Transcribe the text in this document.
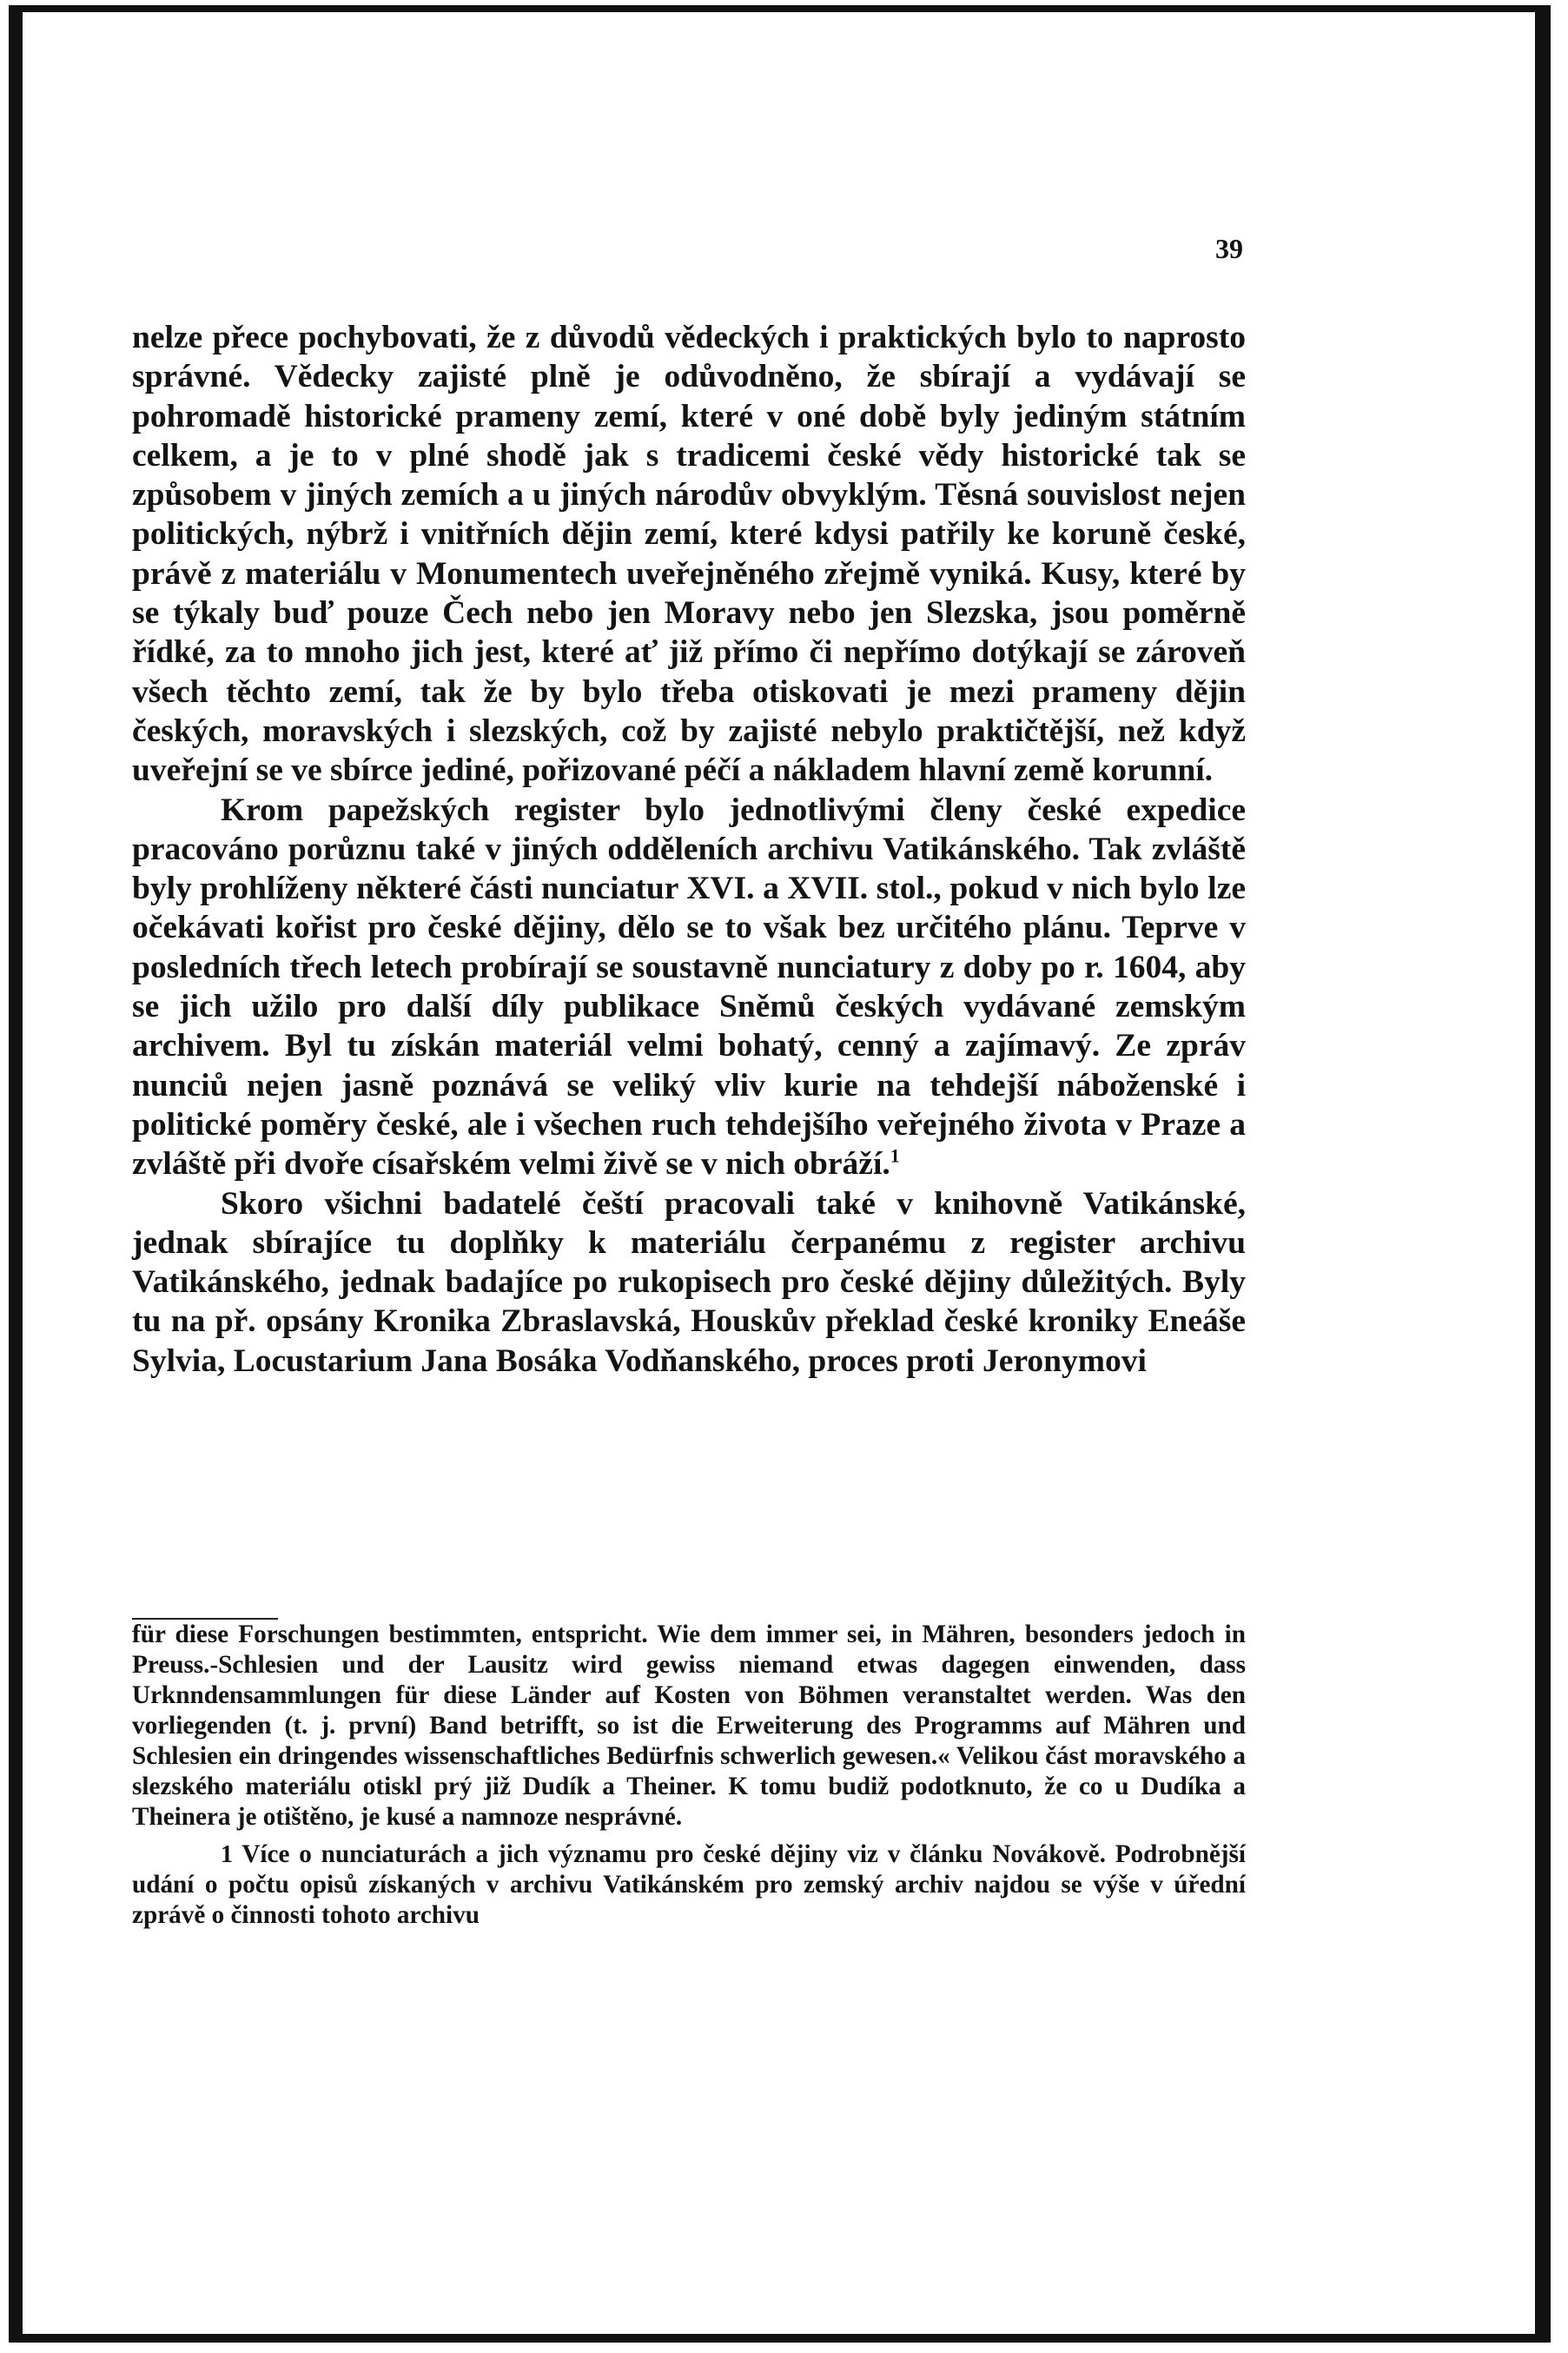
39

nelze přece pochybovati, že z důvodů vědeckých i praktických bylo to naprosto správné. Vědecky zajisté plně je odůvodněno, že sbírají a vydávají se pohromadě historické prameny zemí, které v oné době byly jediným státním celkem, a je to v plné shodě jak s tradicemi české vědy historické tak se způsobem v jiných zemích a u jiných národův obvyklým. Těsná souvislost nejen politických, nýbrž i vnitřních dějin zemí, které kdysi patřily ke koruně české, právě z materiálu v Monumentech uveřejněného zřejmě vyniká. Kusy, které by se týkaly buď pouze Čech nebo jen Moravy nebo jen Slezska, jsou poměrně řídké, za to mnoho jich jest, které ať již přímo či nepřímo dotýkají se zároveň všech těchto zemí, tak že by bylo třeba otiskovati je mezi prameny dějin českých, moravských i slezských, což by zajisté nebylo praktičtější, než když uveřejní se ve sbírce jediné, pořizované péčí a nákladem hlavní země korunní.

Krom papežských register bylo jednotlivými členy české expedice pracováno porůznu také v jiných odděleních archivu Vatikánského. Tak zvláště byly prohlíženy některé části nunciatur XVI. a XVII. stol., pokud v nich bylo lze očekávati kořist pro české dějiny, dělo se to však bez určitého plánu. Teprve v posledních třech letech probírají se soustavně nunciatury z doby po r. 1604, aby se jich užilo pro další díly publikace Sněmů českých vydávané zemským archivem. Byl tu získán materiál velmi bohatý, cenný a zajímavý. Ze zpráv nunciů nejen jasně poznává se veliký vliv kurie na tehdejší náboženské i politické poměry české, ale i všechen ruch tehdejšího veřejného života v Praze a zvláště při dvoře císařském velmi živě se v nich obráží.$^1$

Skoro všichni badatelé čeští pracovali také v knihovně Vatikánské, jednak sbírajíce tu doplňky k materiálu čerpanému z register archivu Vatikánského, jednak badajíce po rukopisech pro české dějiny důležitých. Byly tu na př. opsány Kronika Zbraslavská, Houskův překlad české kroniky Eneáše Sylvia, Locustarium Jana Bosáka Vodňanského, proces proti Jeronymovi

für diese Forschungen bestimmten, entspricht. Wie dem immer sei, in Mähren, besonders jedoch in Preuss.-Schlesien und der Lausitz wird gewiss niemand etwas dagegen einwenden, dass Urknndensammlungen für diese Länder auf Kosten von Böhmen veranstaltet werden. Was den vorliegenden (t. j. první) Band betrifft, so ist die Erweiterung des Programms auf Mähren und Schlesien ein dringendes wissenschaftliches Bedürfnis schwerlich gewesen.« Velikou část moravského a slezského materiálu otiskl prý již Dudík a Theiner. K tomu budiž podotknuto, že co u Dudíka a Theinera je otištěno, je kusé a namnoze nesprávné.

1 Více o nunciaturách a jich významu pro české dějiny viz v článku Novákově. Podrobnější udání o počtu opisů získaných v archivu Vatikánském pro zemský archiv najdou se výše v úřední zprávě o činnosti tohoto archivu
